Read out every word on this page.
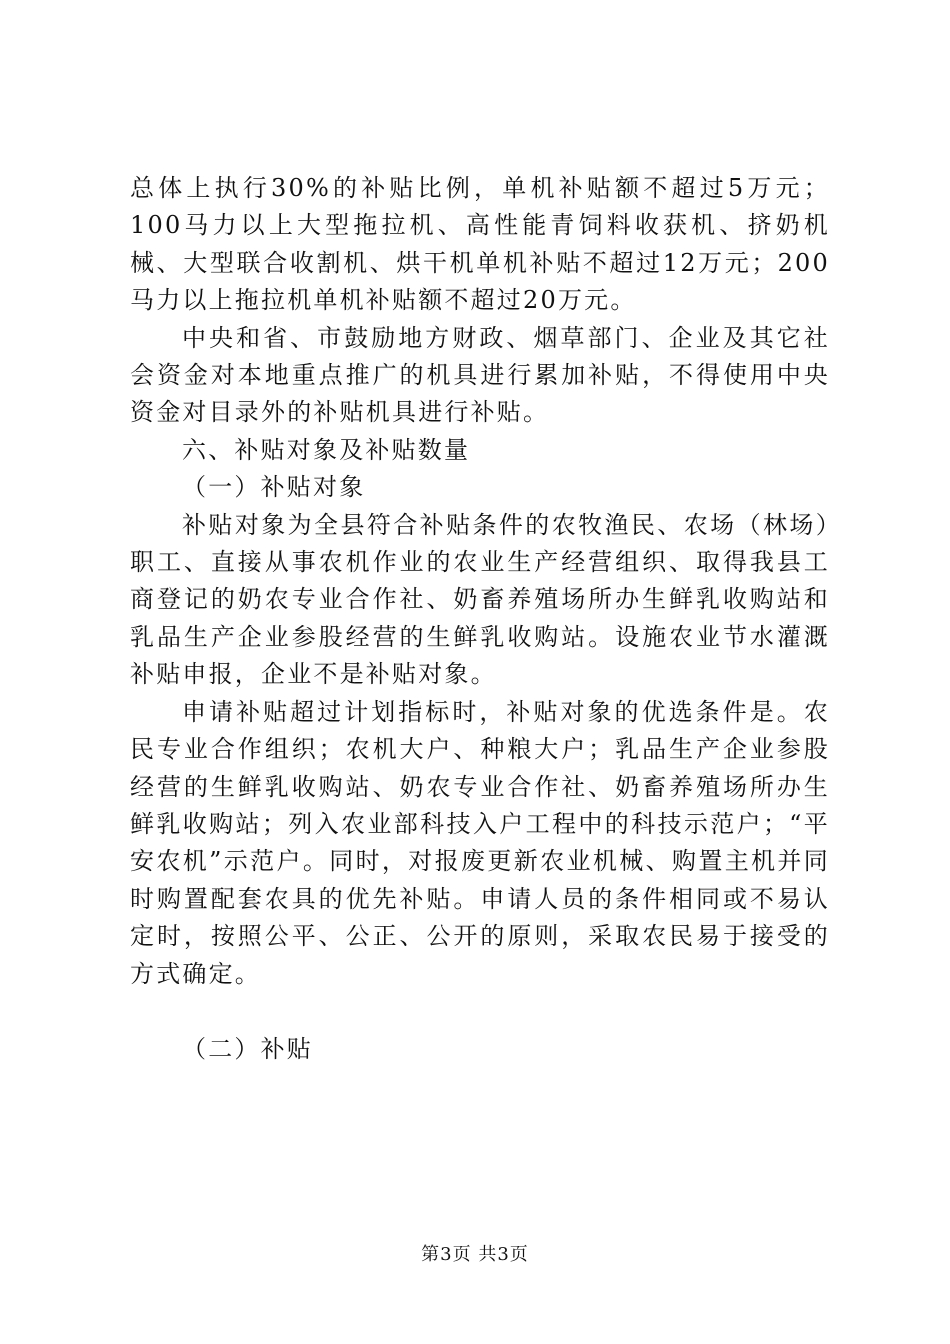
总体上执行30%的补贴比例，单机补贴额不超过5万元；100马力以上大型拖拉机、高性能青饲料收获机、挤奶机械、大型联合收割机、烘干机单机补贴不超过12万元；200马力以上拖拉机单机补贴额不超过20万元。

中央和省、市鼓励地方财政、烟草部门、企业及其它社会资金对本地重点推广的机具进行累加补贴，不得使用中央资金对目录外的补贴机具进行补贴。

六、补贴对象及补贴数量

（一）补贴对象

补贴对象为全县符合补贴条件的农牧渔民、农场（林场）职工、直接从事农机作业的农业生产经营组织、取得我县工商登记的奶农专业合作社、奶畜养殖场所办生鲜乳收购站和乳品生产企业参股经营的生鲜乳收购站。设施农业节水灌溉补贴申报，企业不是补贴对象。

申请补贴超过计划指标时，补贴对象的优选条件是。农民专业合作组织；农机大户、种粮大户；乳品生产企业参股经营的生鲜乳收购站、奶农专业合作社、奶畜养殖场所办生鲜乳收购站；列入农业部科技入户工程中的科技示范户；“平安农机”示范户。同时，对报废更新农业机械、购置主机并同时购置配套农具的优先补贴。申请人员的条件相同或不易认定时，按照公平、公正、公开的原则，采取农民易于接受的方式确定。

（二）补贴

第3页 共3页
